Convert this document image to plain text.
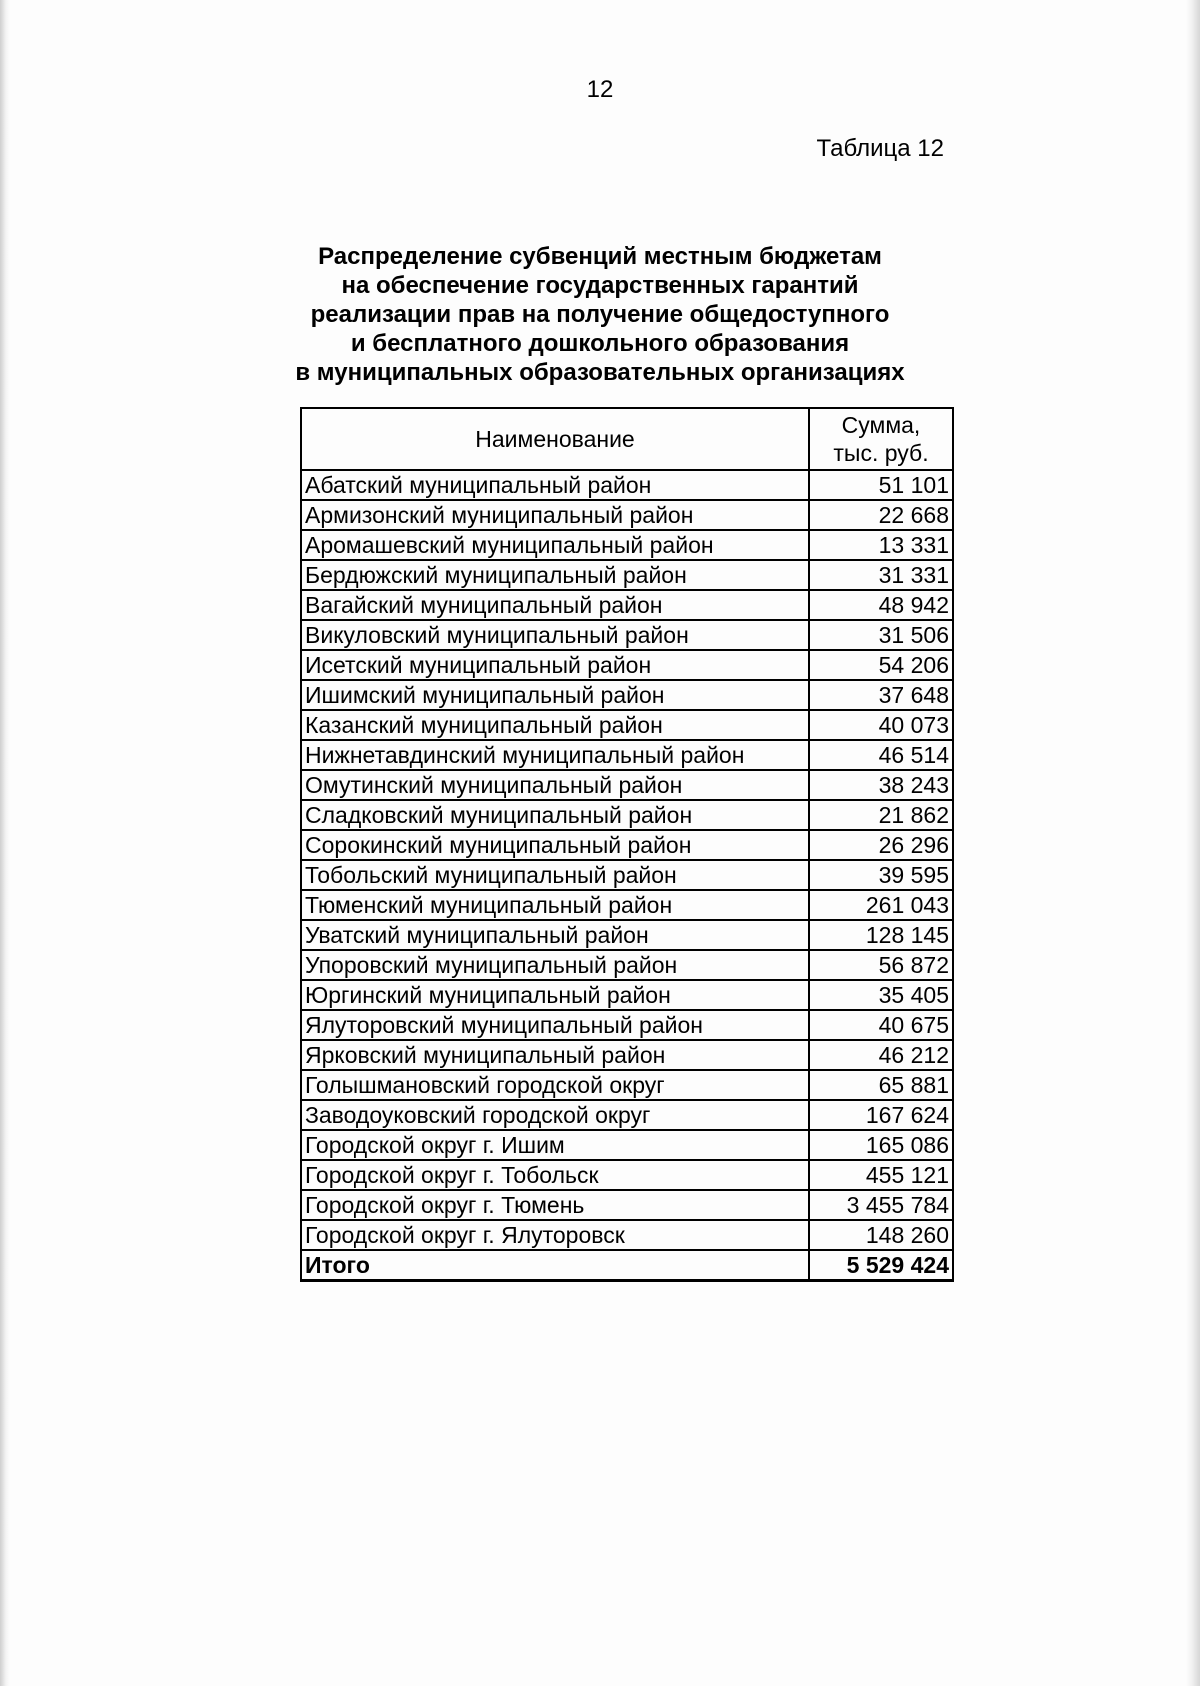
12
Таблица 12
Распределение субвенций местным бюджетам
на обеспечение государственных гарантий
реализации прав на получение общедоступного
и бесплатного дошкольного образования
в муниципальных образовательных организациях
Наименование	Сумма,
тыс. руб.
Абатский муниципальный район	51 101
Армизонский муниципальный район	22 668
Аромашевский муниципальный район	13 331
Бердюжский муниципальный район	31 331
Вагайский муниципальный район	48 942
Викуловский муниципальный район	31 506
Исетский муниципальный район	54 206
Ишимский муниципальный район	37 648
Казанский муниципальный район	40 073
Нижнетавдинский муниципальный район	46 514
Омутинский муниципальный район	38 243
Сладковский муниципальный район	21 862
Сорокинский муниципальный район	26 296
Тобольский муниципальный район	39 595
Тюменский муниципальный район	261 043
Уватский муниципальный район	128 145
Упоровский муниципальный район	56 872
Юргинский муниципальный район	35 405
Ялуторовский муниципальный район	40 675
Ярковский муниципальный район	46 212
Голышмановский городской округ	65 881
Заводоуковский городской округ	167 624
Городской округ г. Ишим	165 086
Городской округ г. Тобольск	455 121
Городской округ г. Тюмень	3 455 784
Городской округ г. Ялуторовск	148 260
Итого	5 529 424
